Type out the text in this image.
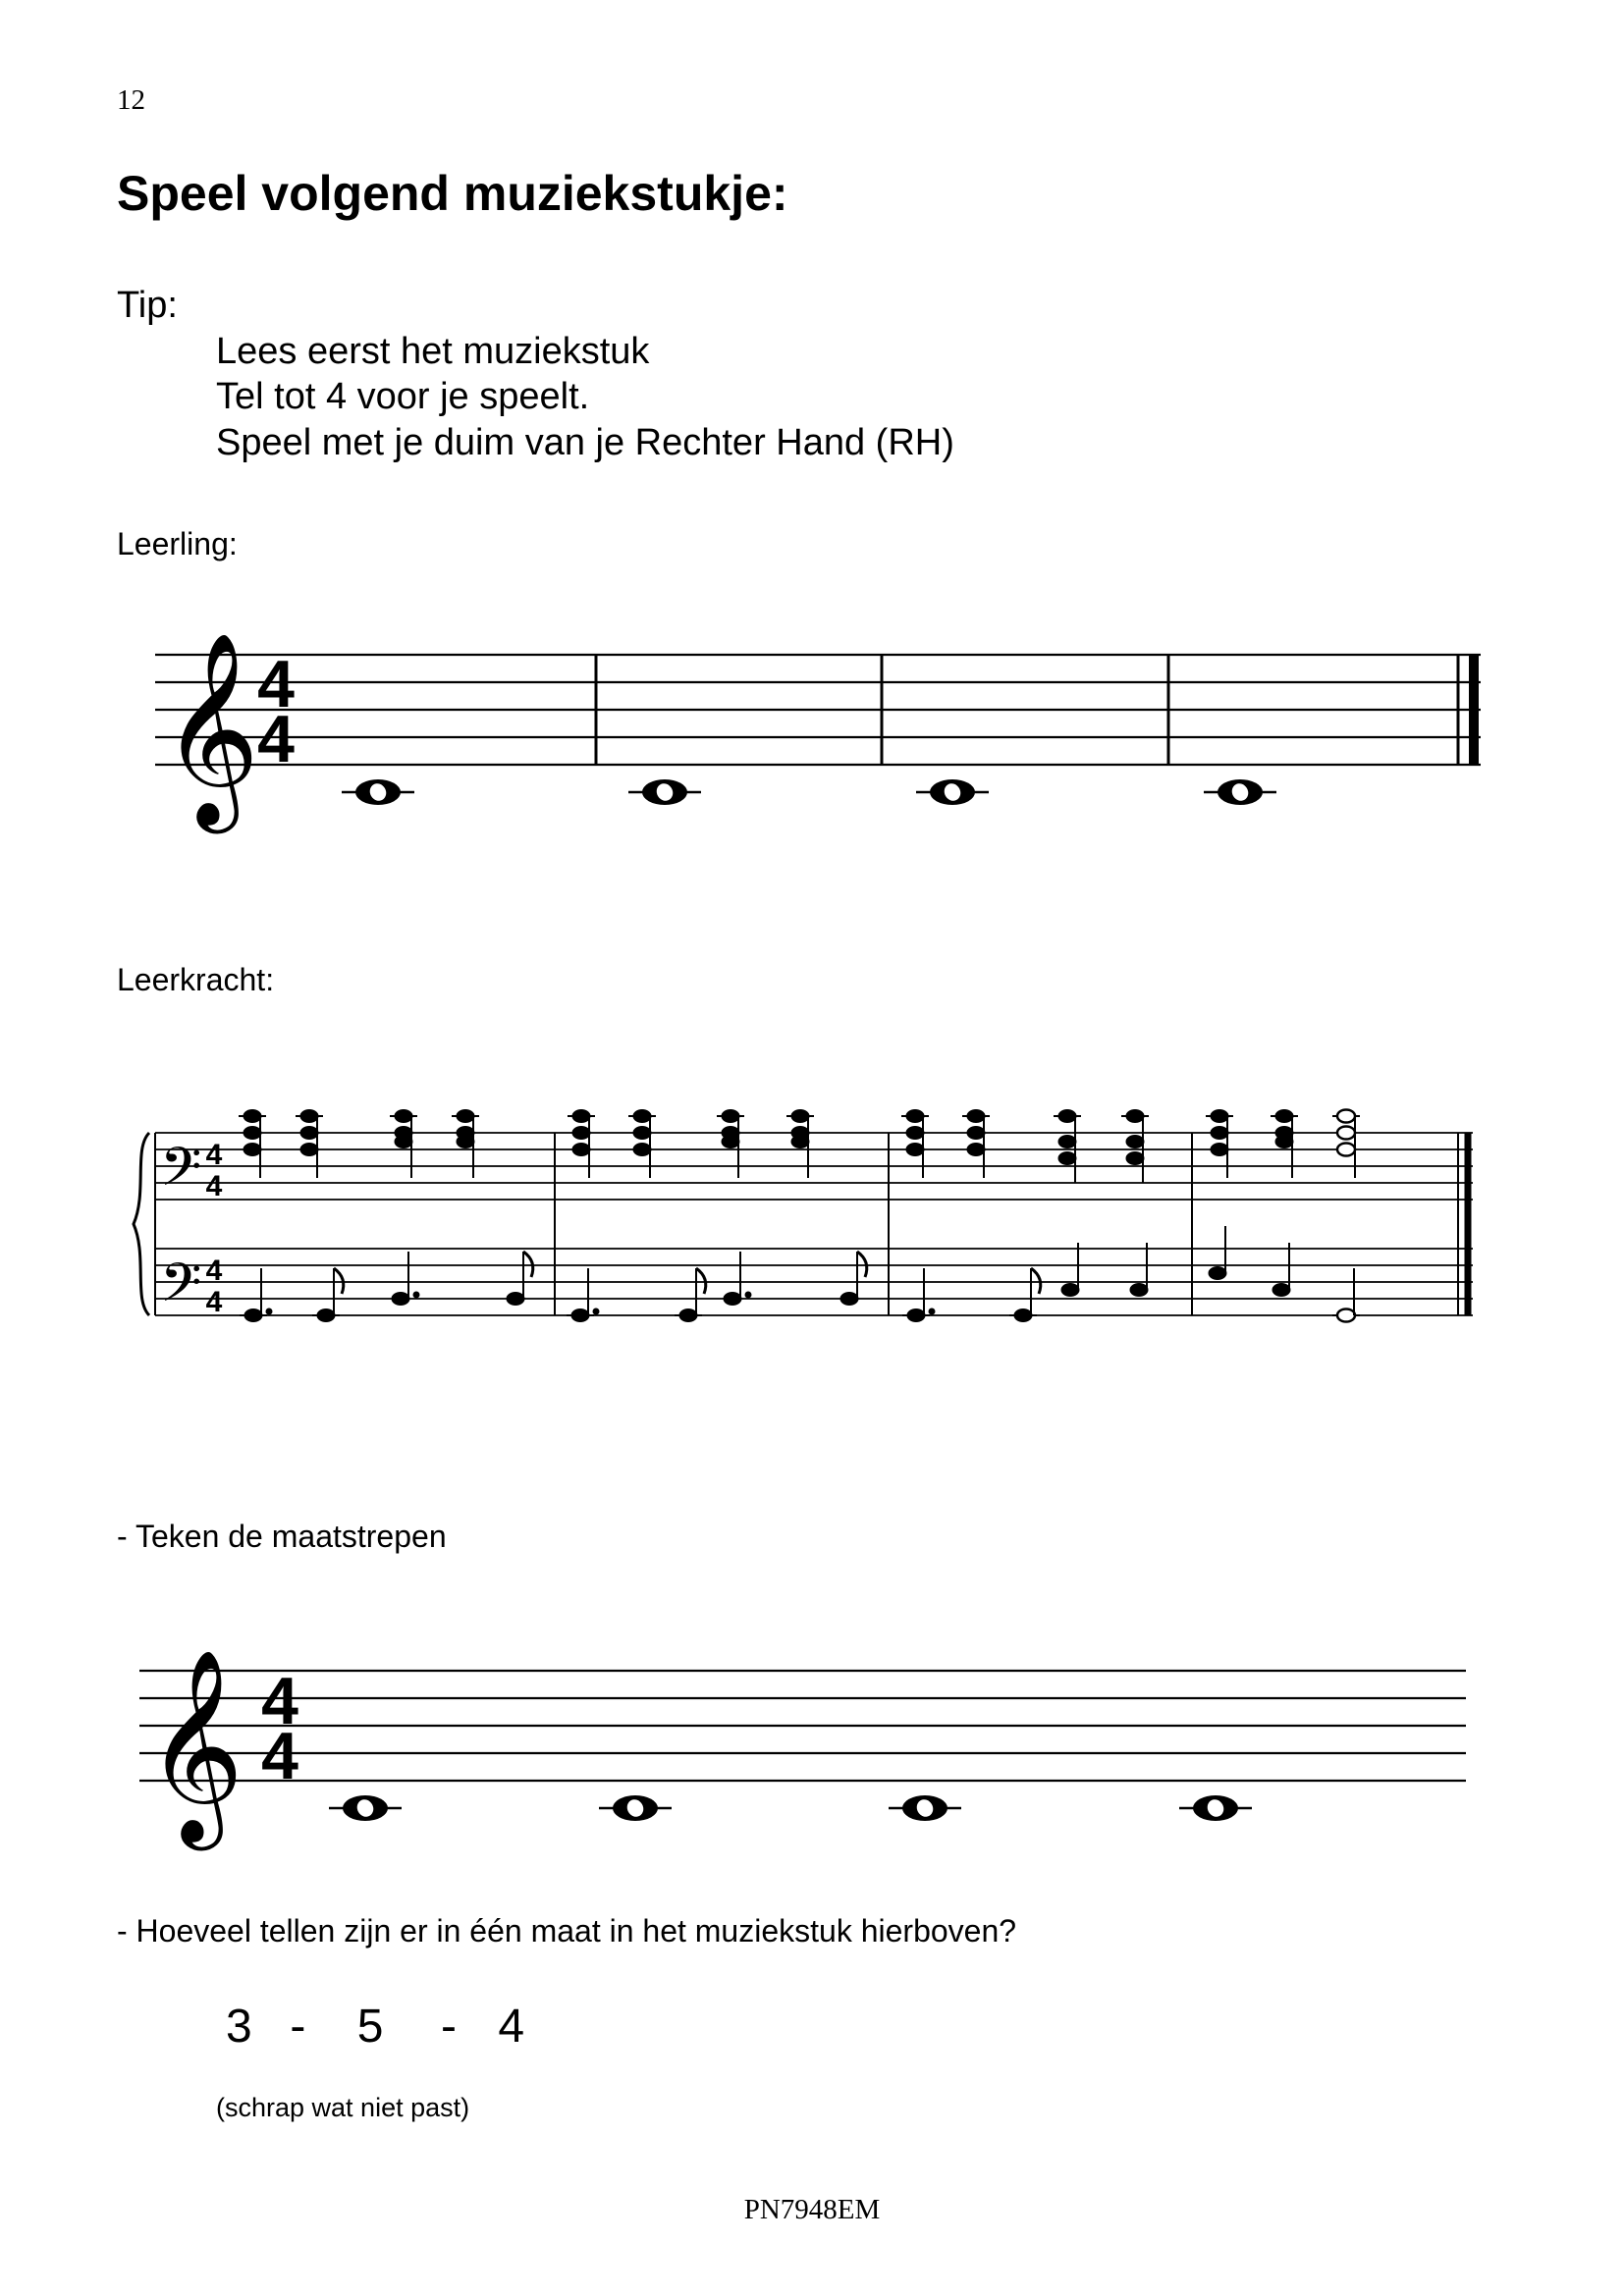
12
Speel volgend muziekstukje:
Tip:
Lees eerst het muziekstuk
Tel tot 4 voor je speelt.
Speel met je duim van je Rechter Hand (RH)
Leerling:
𝄞
4
4
Leerkracht:
𝄢
𝄢
4
4
4
4
- Teken de maatstrepen
𝄞 4
4
- Hoeveel tellen zijn er in één maat in het muziekstuk hierboven?
3 - 5 - 4
(schrap wat niet past)
PN7948EM
